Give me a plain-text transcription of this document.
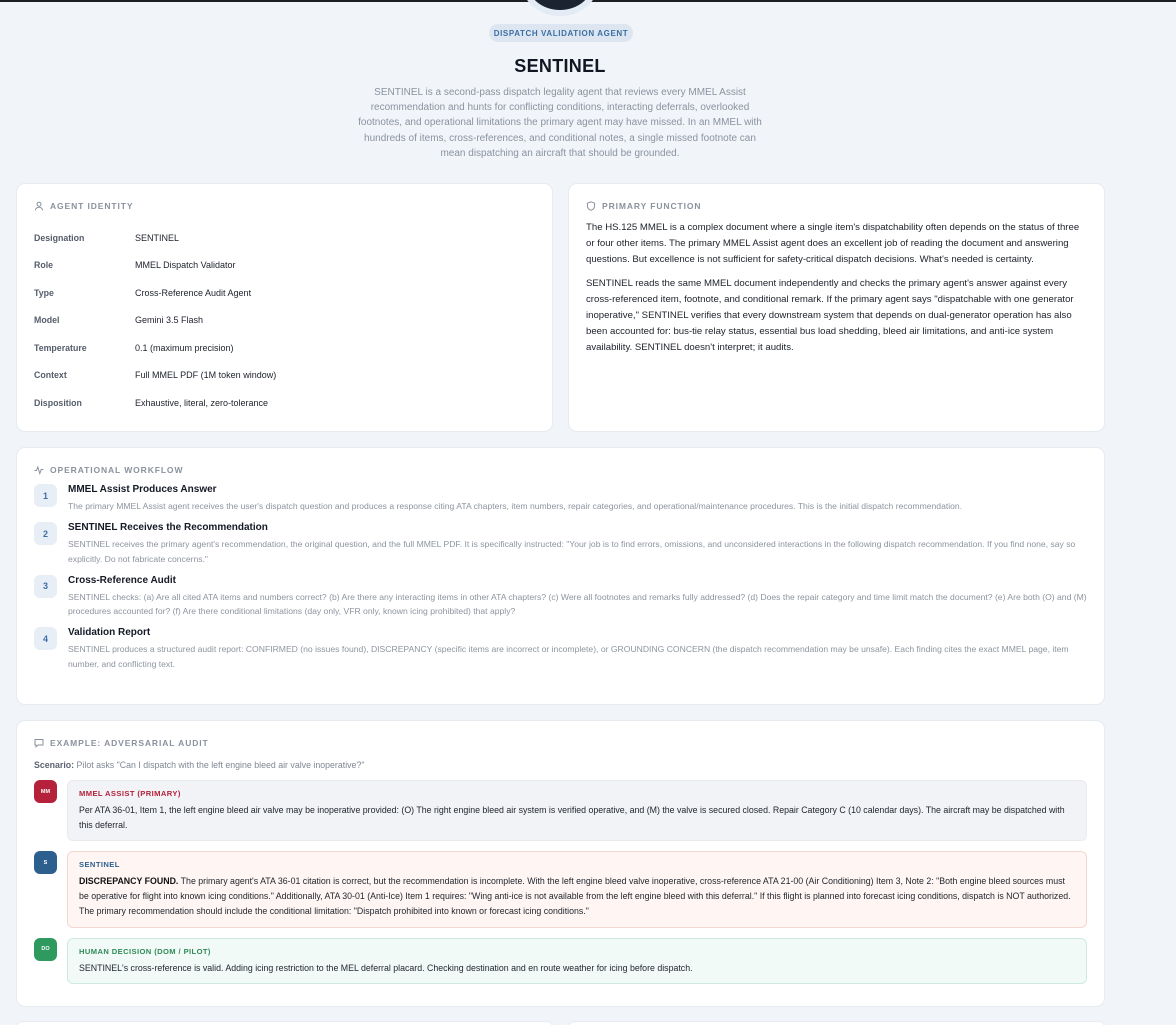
DISPATCH VALIDATION AGENT
SENTINEL

SENTINEL is a second-pass dispatch legality agent that reviews every MMEL Assist recommendation and hunts for conflicting conditions, interacting deferrals, overlooked footnotes, and operational limitations the primary agent may have missed. In an MMEL with hundreds of items, cross-references, and conditional notes, a single missed footnote can mean dispatching an aircraft that should be grounded.

AGENT IDENTITY
Designation	SENTINEL
Role	MMEL Dispatch Validator
Type	Cross-Reference Audit Agent
Model	Gemini 3.5 Flash
Temperature	0.1 (maximum precision)
Context	Full MMEL PDF (1M token window)
Disposition	Exhaustive, literal, zero-tolerance
PRIMARY FUNCTION

The HS.125 MMEL is a complex document where a single item's dispatchability often depends on the status of three or four other items. The primary MMEL Assist agent does an excellent job of reading the document and answering questions. But excellence is not sufficient for safety-critical dispatch decisions. What's needed is certainty.

SENTINEL reads the same MMEL document independently and checks the primary agent's answer against every cross-referenced item, footnote, and conditional remark. If the primary agent says "dispatchable with one generator inoperative," SENTINEL verifies that every downstream system that depends on dual-generator operation has also been accounted for: bus-tie relay status, essential bus load shedding, bleed air limitations, and anti-ice system availability. SENTINEL doesn't interpret; it audits.

OPERATIONAL WORKFLOW
1
MMEL Assist Produces Answer
The primary MMEL Assist agent receives the user's dispatch question and produces a response citing ATA chapters, item numbers, repair categories, and operational/maintenance procedures. This is the initial dispatch recommendation.
2
SENTINEL Receives the Recommendation
SENTINEL receives the primary agent's recommendation, the original question, and the full MMEL PDF. It is specifically instructed: "Your job is to find errors, omissions, and unconsidered interactions in the following dispatch recommendation. If you find none, say so explicitly. Do not fabricate concerns."
3
Cross-Reference Audit
SENTINEL checks: (a) Are all cited ATA items and numbers correct? (b) Are there any interacting items in other ATA chapters? (c) Were all footnotes and remarks fully addressed? (d) Does the repair category and time limit match the document? (e) Are both (O) and (M) procedures accounted for? (f) Are there conditional limitations (day only, VFR only, known icing prohibited) that apply?
4
Validation Report
SENTINEL produces a structured audit report: CONFIRMED (no issues found), DISCREPANCY (specific items are incorrect or incomplete), or GROUNDING CONCERN (the dispatch recommendation may be unsafe). Each finding cites the exact MMEL page, item number, and conflicting text.
EXAMPLE: ADVERSARIAL AUDIT

Scenario: Pilot asks "Can I dispatch with the left engine bleed air valve inoperative?"

MM	MMEL ASSIST (PRIMARY)
Per ATA 36-01, Item 1, the left engine bleed air valve may be inoperative provided: (O) The right engine bleed air system is verified operative, and (M) the valve is secured closed. Repair Category C (10 calendar days). The aircraft may be dispatched with this deferral.
S	SENTINEL
DISCREPANCY FOUND. The primary agent's ATA 36-01 citation is correct, but the recommendation is incomplete. With the left engine bleed valve inoperative, cross-reference ATA 21-00 (Air Conditioning) Item 3, Note 2: "Both engine bleed sources must be operative for flight into known icing conditions." Additionally, ATA 30-01 (Anti-Ice) Item 1 requires: "Wing anti-ice is not available from the left engine bleed with this deferral." If this flight is planned into forecast icing conditions, dispatch is NOT authorized. The primary recommendation should include the conditional limitation: "Dispatch prohibited into known or forecast icing conditions."
DO	HUMAN DECISION (DOM / PILOT)
SENTINEL's cross-reference is valid. Adding icing restriction to the MEL deferral placard. Checking destination and en route weather for icing before dispatch.
